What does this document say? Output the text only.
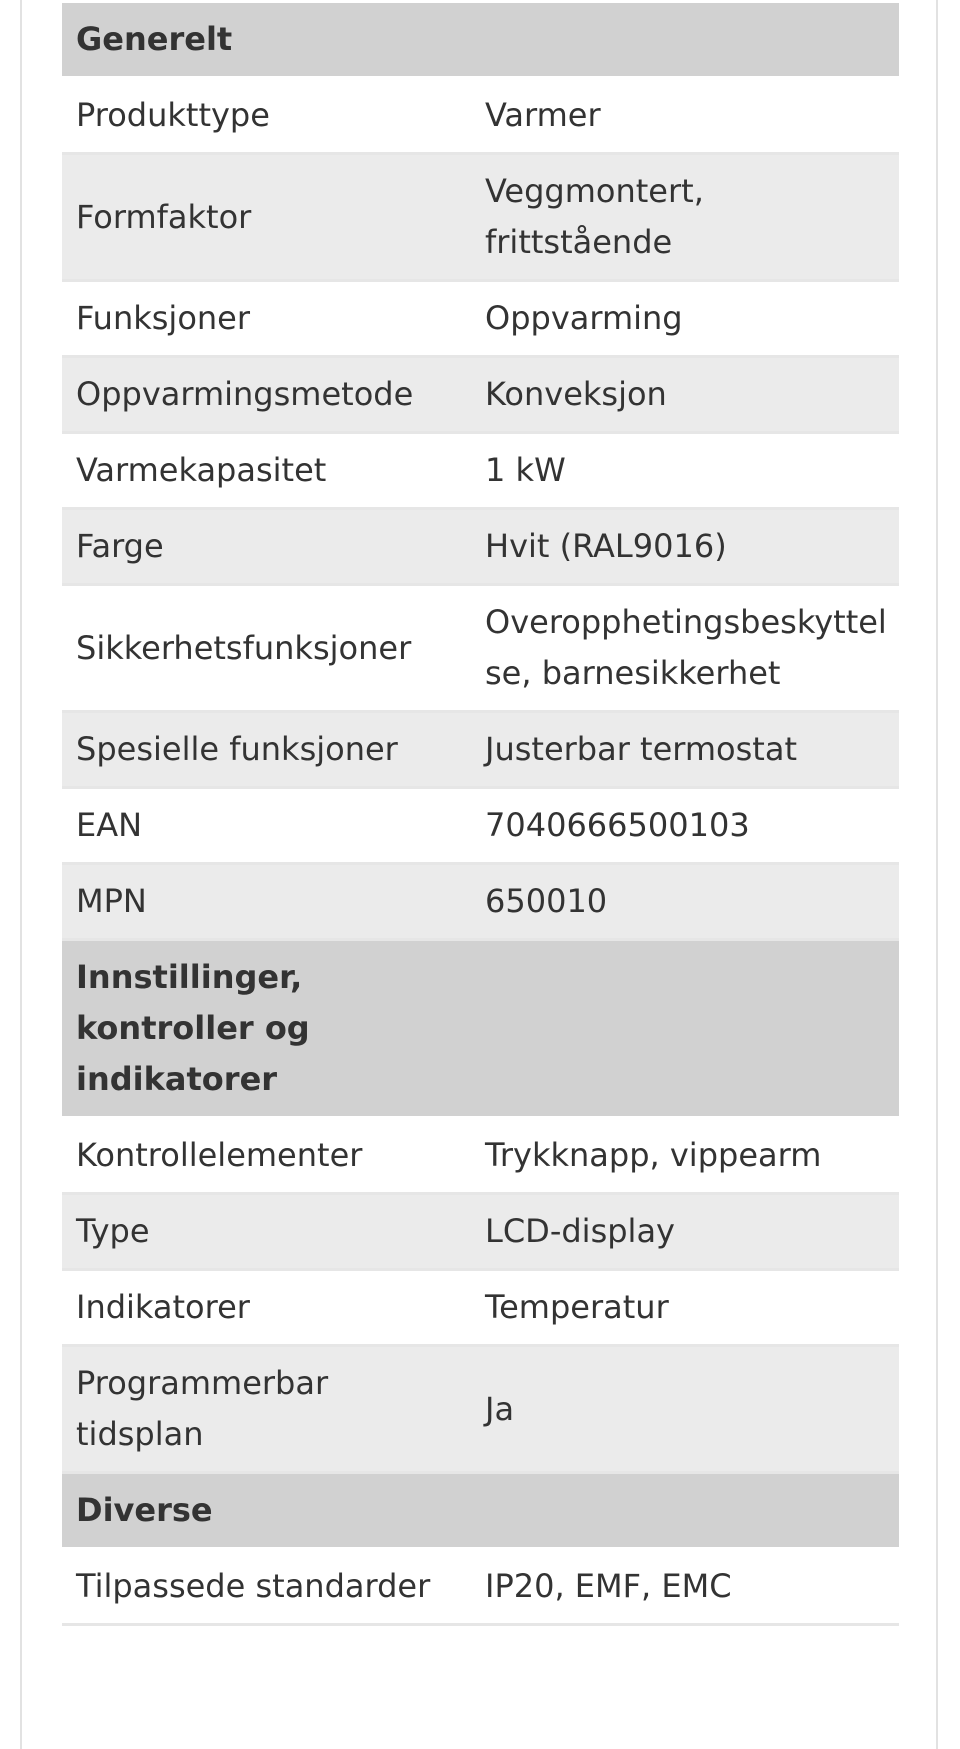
Generelt	
Produkttype	Varmer
Formfaktor	Veggmontert, frittstående
Funksjoner	Oppvarming
Oppvarmingsmetode	Konveksjon
Varmekapasitet	1 kW
Farge	Hvit (RAL9016)
Sikkerhetsfunksjoner	Overopphetingsbeskyttelse, barnesikkerhet
Spesielle funksjoner	Justerbar termostat
EAN	7040666500103
MPN	650010
Innstillinger, kontroller og indikatorer	
Kontrollelementer	Trykknapp, vippearm
Type	LCD-display
Indikatorer	Temperatur
Programmerbar tidsplan	Ja
Diverse	
Tilpassede standarder	IP20, EMF, EMC
